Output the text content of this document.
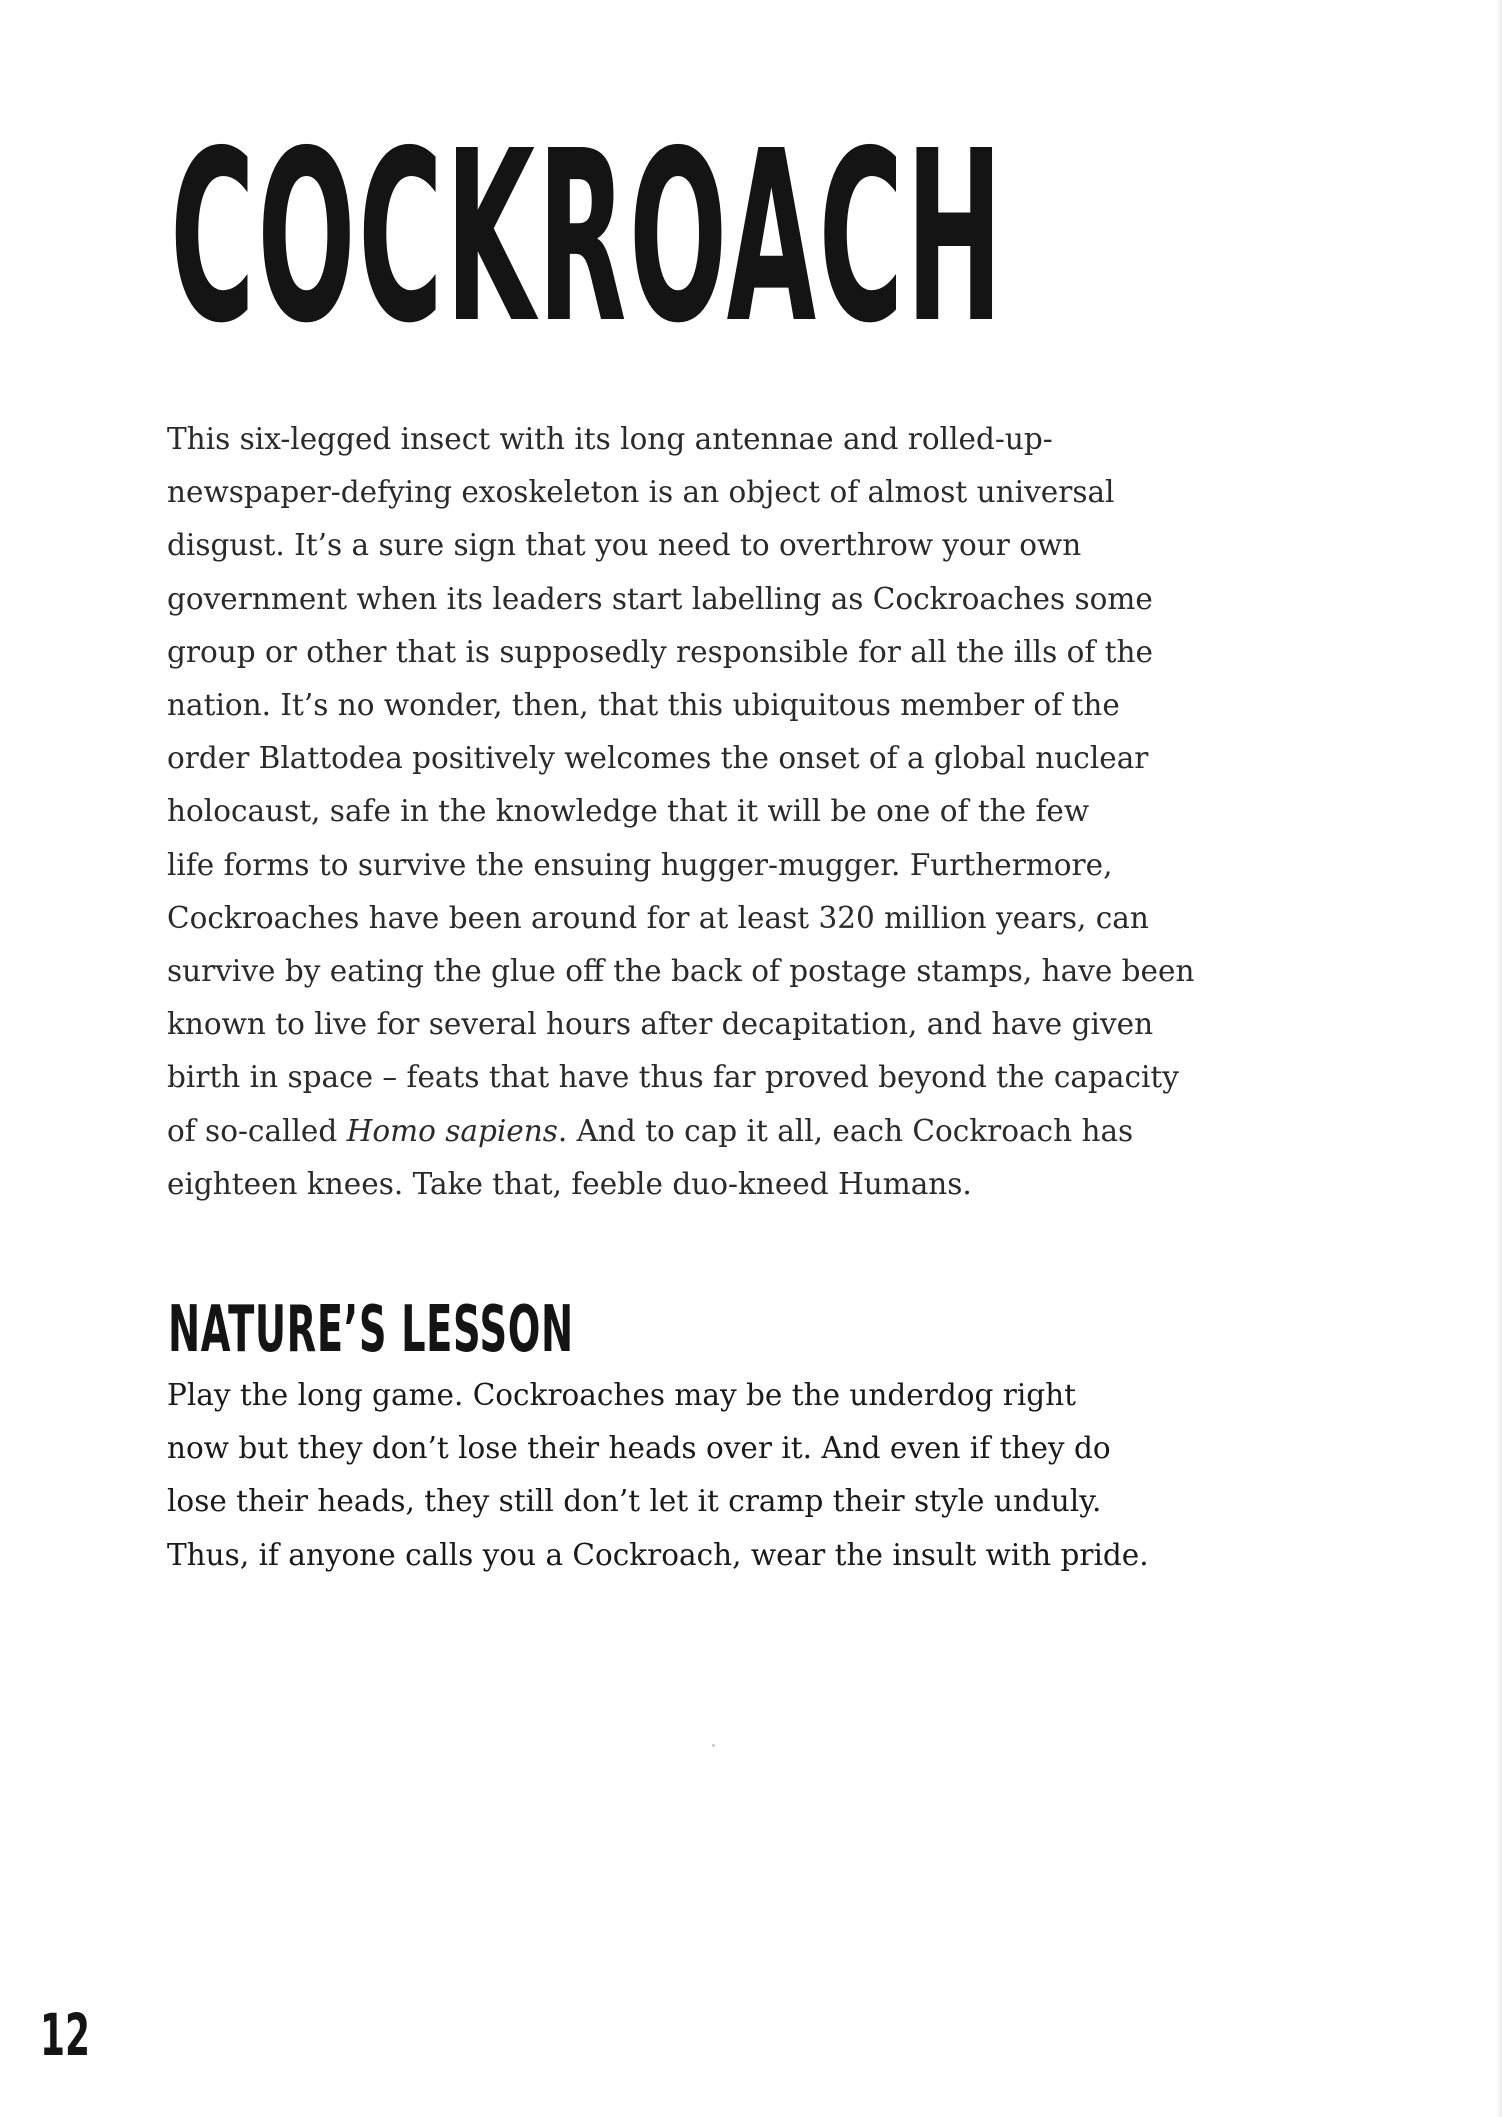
COCKROACH

This six-legged insect with its long antennae and rolled-up-
newspaper-defying exoskeleton is an object of almost universal
disgust. It’s a sure sign that you need to overthrow your own
government when its leaders start labelling as Cockroaches some
group or other that is supposedly responsible for all the ills of the
nation. It’s no wonder, then, that this ubiquitous member of the
order Blattodea positively welcomes the onset of a global nuclear
holocaust, safe in the knowledge that it will be one of the few
life forms to survive the ensuing hugger-mugger. Furthermore,
Cockroaches have been around for at least 320 million years, can
survive by eating the glue off the back of postage stamps, have been
known to live for several hours after decapitation, and have given
birth in space – feats that have thus far proved beyond the capacity
of so-called Homo sapiens. And to cap it all, each Cockroach has
eighteen knees. Take that, feeble duo-kneed Humans.

NATURE’S LESSON

Play the long game. Cockroaches may be the underdog right
now but they don’t lose their heads over it. And even if they do
lose their heads, they still don’t let it cramp their style unduly.
Thus, if anyone calls you a Cockroach, wear the insult with pride.

12
